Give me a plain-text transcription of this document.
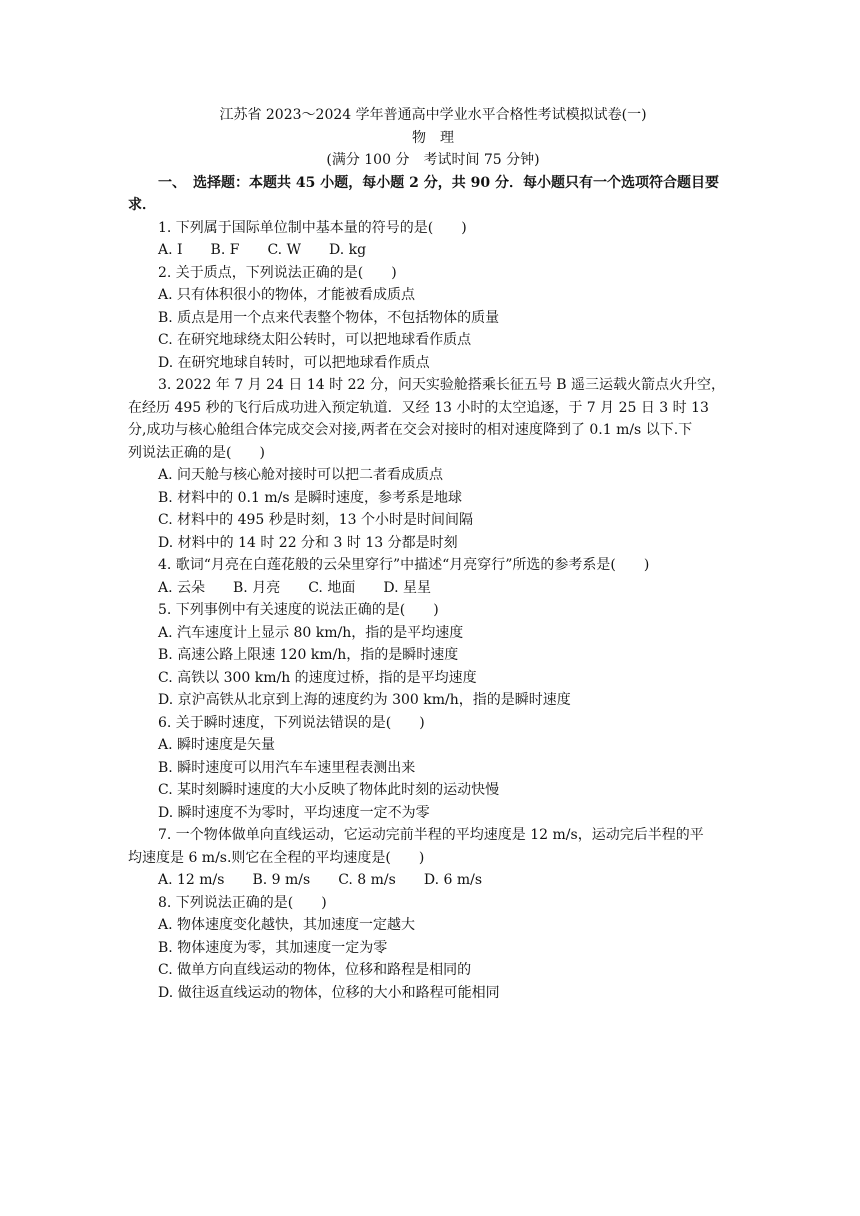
江苏省 2023～2024 学年普通高中学业水平合格性考试模拟试卷(一)
物　理
(满分 100 分　考试时间 75 分钟)
一、　选择题：本题共 45 小题，每小题 2 分，共 90 分．每小题只有一个选项符合题目要
求．
1. 下列属于国际单位制中基本量的符号的是(　　)
A. I B. F C. W D. kg
2. 关于质点，下列说法正确的是(　　)
A. 只有体积很小的物体，才能被看成质点
B. 质点是用一个点来代表整个物体，不包括物体的质量
C. 在研究地球绕太阳公转时，可以把地球看作质点
D. 在研究地球自转时，可以把地球看作质点
3. 2022 年 7 月 24 日 14 时 22 分，问天实验舱搭乘长征五号 B 遥三运载火箭点火升空，
在经历 495 秒的飞行后成功进入预定轨道．又经 13 小时的太空追逐，于 7 月 25 日 3 时 13
分,成功与核心舱组合体完成交会对接,两者在交会对接时的相对速度降到了 0.1 m/s 以下.下
列说法正确的是(　　)
A. 问天舱与核心舱对接时可以把二者看成质点
B. 材料中的 0.1 m/s 是瞬时速度，参考系是地球
C. 材料中的 495 秒是时刻，13 个小时是时间间隔
D. 材料中的 14 时 22 分和 3 时 13 分都是时刻
4. 歌词“月亮在白莲花般的云朵里穿行”中描述“月亮穿行”所选的参考系是(　　)
A. 云朵 B. 月亮 C. 地面 D. 星星
5. 下列事例中有关速度的说法正确的是(　　)
A. 汽车速度计上显示 80 km/h，指的是平均速度
B. 高速公路上限速 120 km/h，指的是瞬时速度
C. 高铁以 300 km/h 的速度过桥，指的是平均速度
D. 京沪高铁从北京到上海的速度约为 300 km/h，指的是瞬时速度
6. 关于瞬时速度，下列说法错误的是(　　)
A. 瞬时速度是矢量
B. 瞬时速度可以用汽车车速里程表测出来
C. 某时刻瞬时速度的大小反映了物体此时刻的运动快慢
D. 瞬时速度不为零时，平均速度一定不为零
7. 一个物体做单向直线运动，它运动完前半程的平均速度是 12 m/s，运动完后半程的平
均速度是 6 m/s.则它在全程的平均速度是(　　)
A. 12 m/s B. 9 m/s C. 8 m/s D. 6 m/s
8. 下列说法正确的是(　　)
A. 物体速度变化越快，其加速度一定越大
B. 物体速度为零，其加速度一定为零
C. 做单方向直线运动的物体，位移和路程是相同的
D. 做往返直线运动的物体，位移的大小和路程可能相同
